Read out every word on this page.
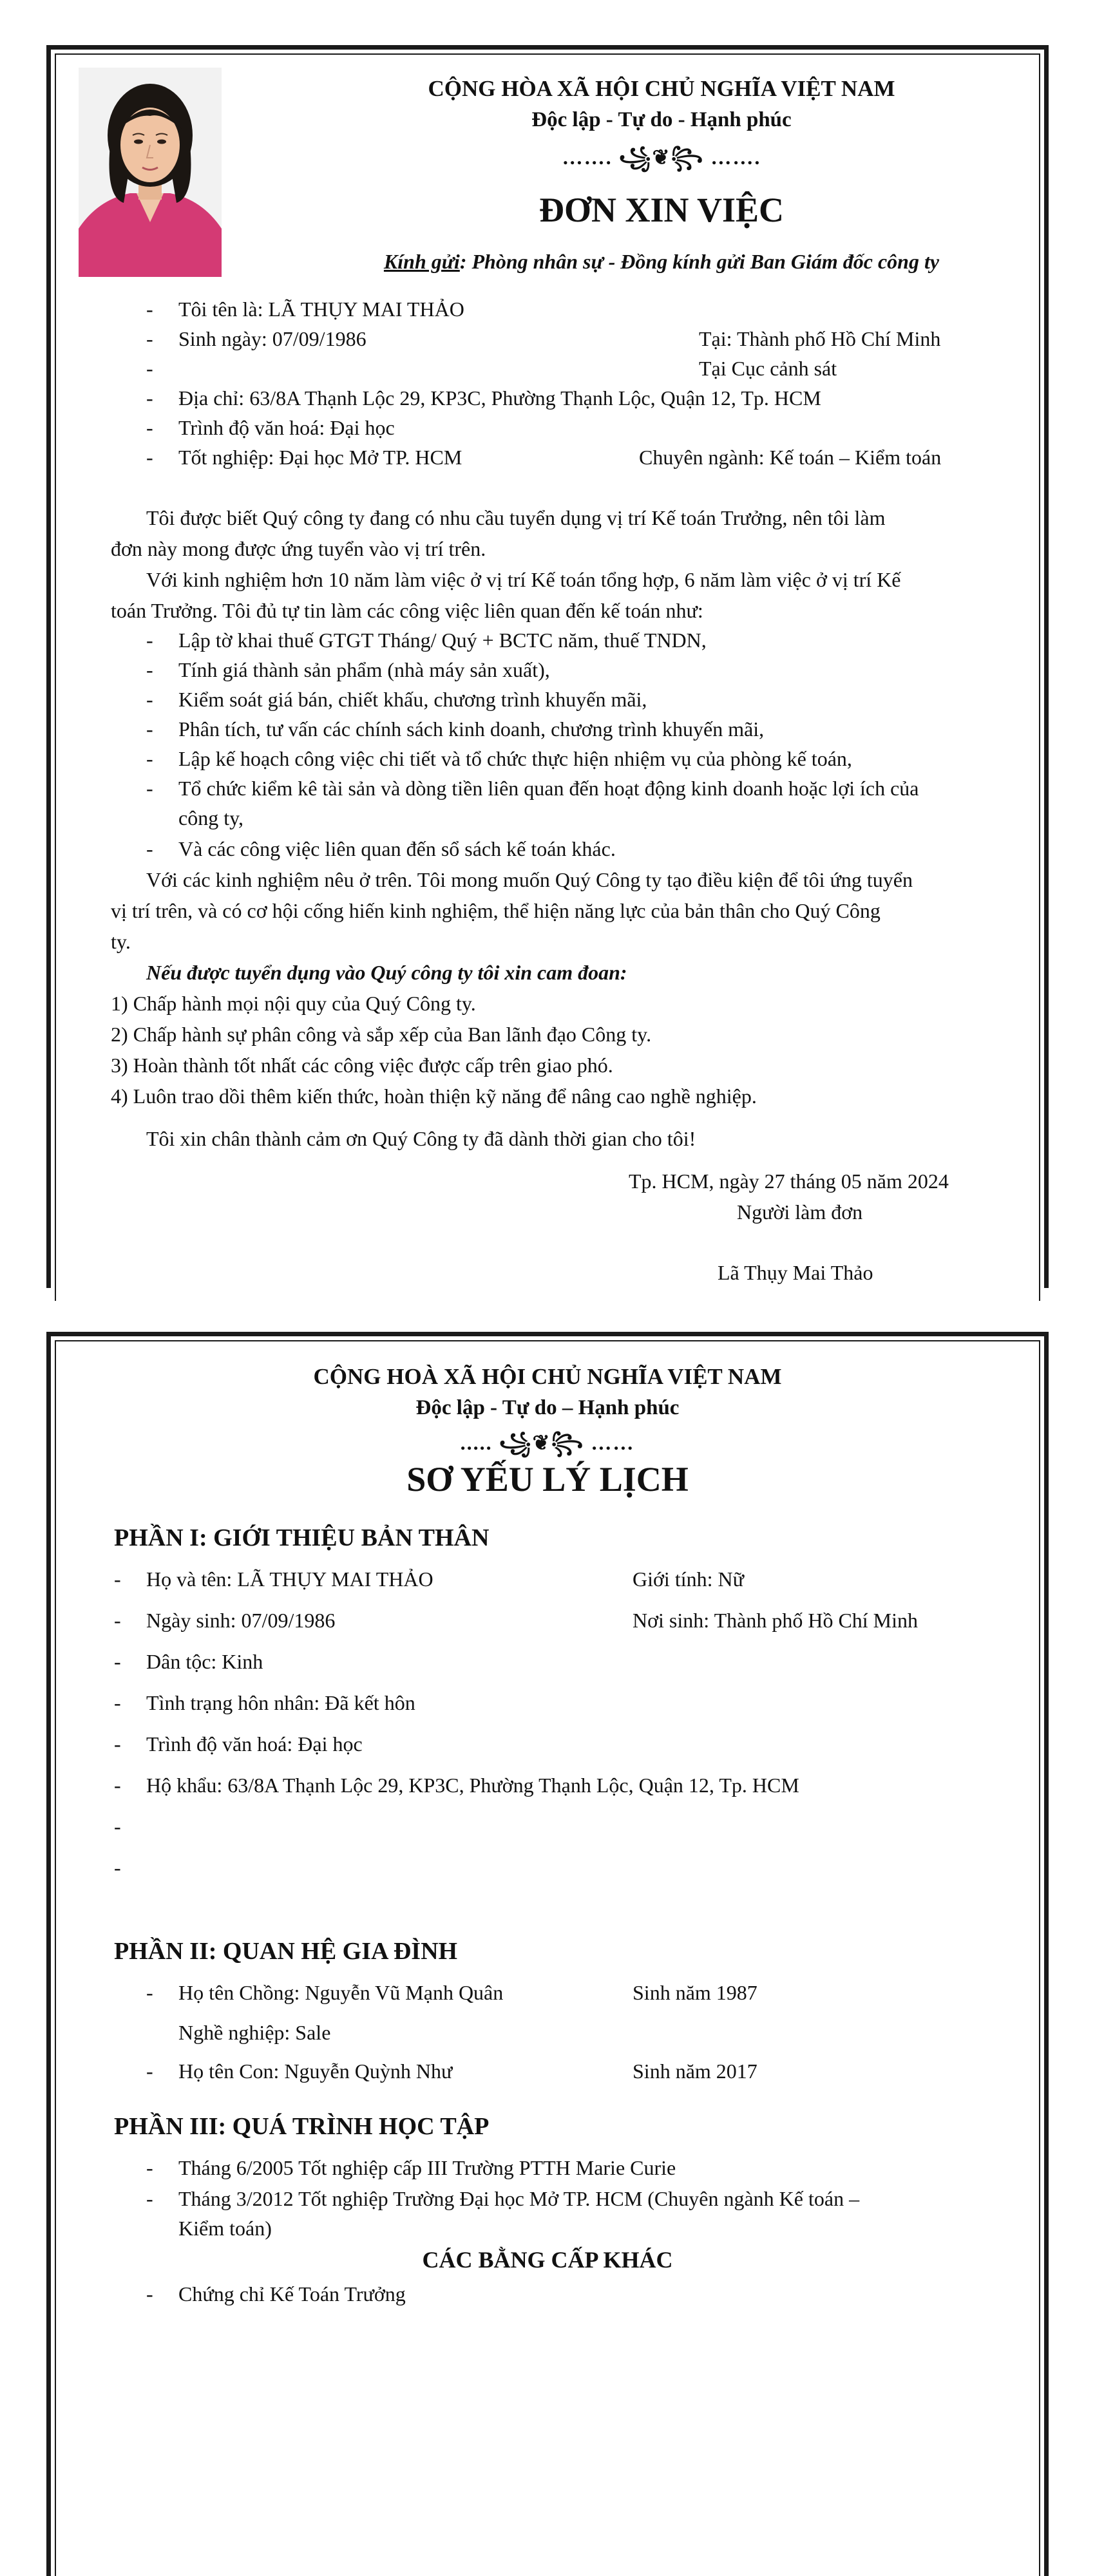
CỘNG HÒA XÃ HỘI CHỦ NGHĨA VIỆT NAM
Độc lập - Tự do - Hạnh phúc
……. ꧁❦꧂ …….
ĐƠN XIN VIỆC
Kính gửi: Phòng nhân sự - Đồng kính gửi Ban Giám đốc công ty
- Tôi tên là: LÃ THỤY MAI THẢO
- Sinh ngày: 07/09/1986	Tại: Thành phố Hồ Chí Minh
-	Tại Cục cảnh sát
- Địa chỉ: 63/8A Thạnh Lộc 29, KP3C, Phường Thạnh Lộc, Quận 12, Tp. HCM
- Trình độ văn hoá: Đại học
- Tốt nghiệp: Đại học Mở TP. HCM	Chuyên ngành: Kế toán – Kiểm toán
Tôi được biết Quý công ty đang có nhu cầu tuyển dụng vị trí Kế toán Trưởng, nên tôi làm
đơn này mong được ứng tuyển vào vị trí trên.
Với kinh nghiệm hơn 10 năm làm việc ở vị trí Kế toán tổng hợp, 6 năm làm việc ở vị trí Kế
toán Trưởng. Tôi đủ tự tin làm các công việc liên quan đến kế toán như:
- Lập tờ khai thuế GTGT Tháng/ Quý + BCTC năm, thuế TNDN,
- Tính giá thành sản phẩm (nhà máy sản xuất),
- Kiểm soát giá bán, chiết khấu, chương trình khuyến mãi,
- Phân tích, tư vấn các chính sách kinh doanh, chương trình khuyến mãi,
- Lập kế hoạch công việc chi tiết và tổ chức thực hiện nhiệm vụ của phòng kế toán,
- Tổ chức kiểm kê tài sản và dòng tiền liên quan đến hoạt động kinh doanh hoặc lợi ích của
công ty,
- Và các công việc liên quan đến sổ sách kế toán khác.
Với các kinh nghiệm nêu ở trên. Tôi mong muốn Quý Công ty tạo điều kiện để tôi ứng tuyển
vị trí trên, và có cơ hội cống hiến kinh nghiệm, thể hiện năng lực của bản thân cho Quý Công
ty.
Nếu được tuyển dụng vào Quý công ty tôi xin cam đoan:
1) Chấp hành mọi nội quy của Quý Công ty.
2) Chấp hành sự phân công và sắp xếp của Ban lãnh đạo Công ty.
3) Hoàn thành tốt nhất các công việc được cấp trên giao phó.
4) Luôn trao dồi thêm kiến thức, hoàn thiện kỹ năng để nâng cao nghề nghiệp.
Tôi xin chân thành cảm ơn Quý Công ty đã dành thời gian cho tôi!
Tp. HCM, ngày 27 tháng 05 năm 2024
Người làm đơn
Lã Thụy Mai Thảo
CỘNG HOÀ XÃ HỘI CHỦ NGHĨA VIỆT NAM
Độc lập - Tự do – Hạnh phúc
..... ꧁❦꧂ ……
SƠ YẾU LÝ LỊCH
PHẦN I: GIỚI THIỆU BẢN THÂN
- Họ và tên: LÃ THỤY MAI THẢO	Giới tính: Nữ
- Ngày sinh: 07/09/1986	Nơi sinh: Thành phố Hồ Chí Minh
- Dân tộc: Kinh
- Tình trạng hôn nhân: Đã kết hôn
- Trình độ văn hoá: Đại học
- Hộ khẩu: 63/8A Thạnh Lộc 29, KP3C, Phường Thạnh Lộc, Quận 12, Tp. HCM
-
-
PHẦN II: QUAN HỆ GIA ĐÌNH
- Họ tên Chồng: Nguyễn Vũ Mạnh Quân	Sinh năm 1987
Nghề nghiệp: Sale
- Họ tên Con: Nguyễn Quỳnh Như	Sinh năm 2017
PHẦN III: QUÁ TRÌNH HỌC TẬP
- Tháng 6/2005 Tốt nghiệp cấp III Trường PTTH Marie Curie
- Tháng 3/2012 Tốt nghiệp Trường Đại học Mở TP. HCM (Chuyên ngành Kế toán –
Kiểm toán)
CÁC BẰNG CẤP KHÁC
- Chứng chỉ Kế Toán Trưởng
